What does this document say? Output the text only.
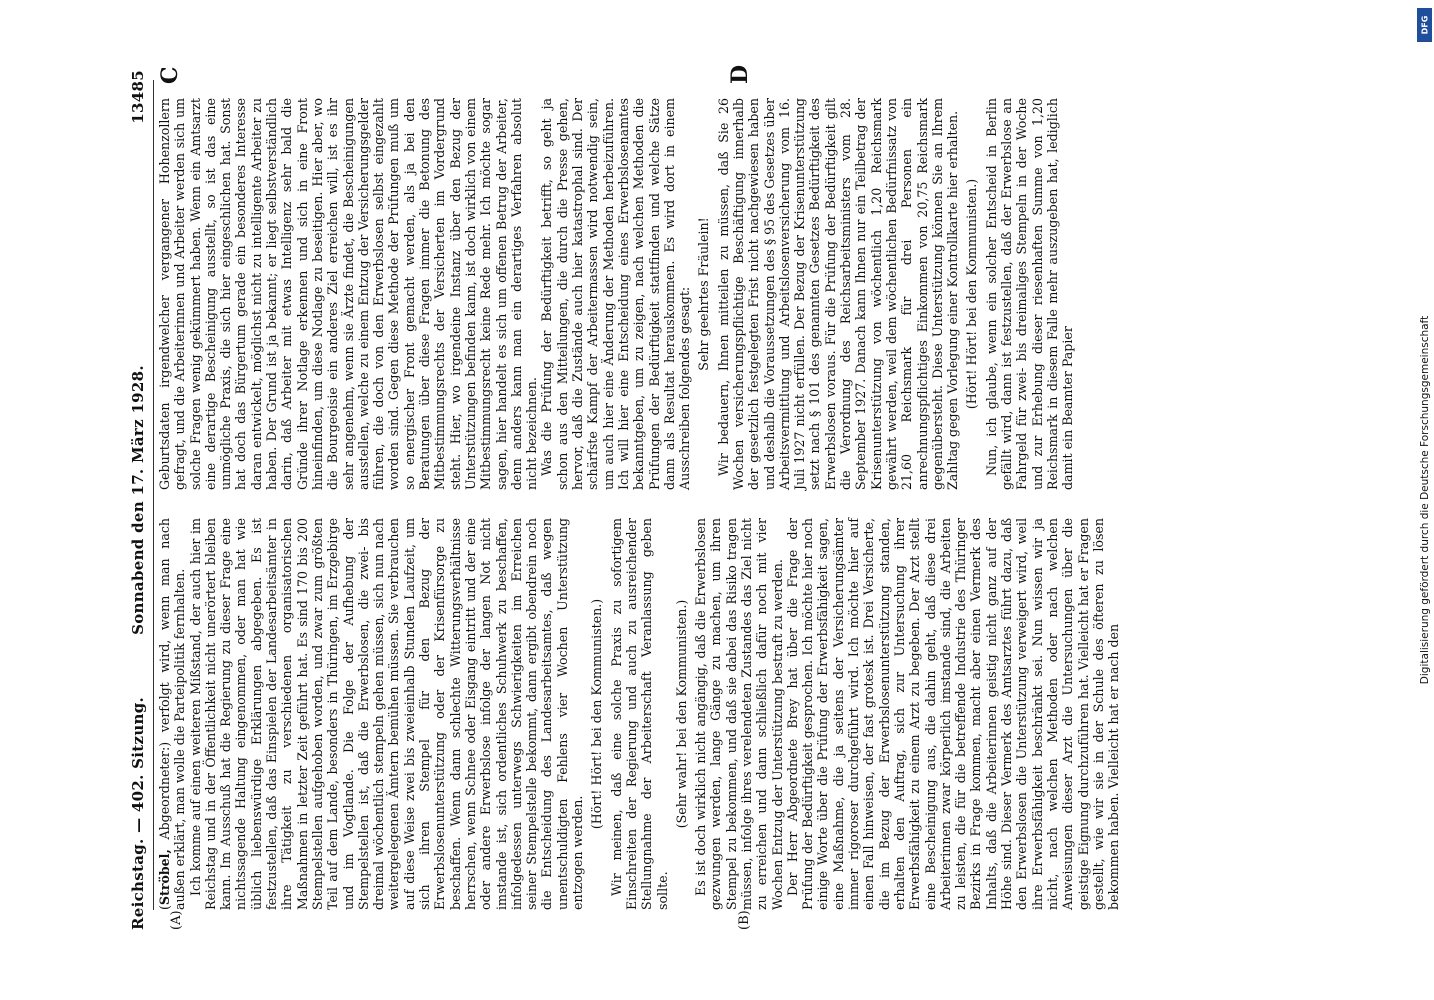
Reichstag. — 402. Sitzung.
Sonnabend den 17. März 1928.
13485
(A)	(B)
C	D

(Ströbel, Abgeordneter:) verfolgt wird, wenn man nach außen erklärt, man wolle die Parteipolitik fernhalten. Ich komme auf einen weiteren Mißstand, der auch hier im Reichstag und in der Öffentlichkeit nicht unerörtert bleiben kann. Im Ausschuß hat die Regierung zu dieser Frage eine nichtssagende Haltung eingenommen, oder man hat wie üblich liebenswürdige Erklärungen abgegeben. Es ist festzustellen, daß das Einspielen der Landesarbeitsämter in ihre Tätigkeit zu verschiedenen organisatorischen Maßnahmen in letzter Zeit geführt hat. Es sind 170 bis 200 Stempelstellen aufgehoben worden, und zwar zum größten Teil auf dem Lande, besonders in Thüringen, im Erzgebirge und im Vogtlande. Die Folge der Aufhebung der Stempelstellen ist, daß die Erwerbslosen, die zwei- bis dreimal wöchentlich stempeln gehen müssen, sich nun nach weitergelegenen Ämtern bemühen müssen. Sie verbrauchen auf diese Weise zwei bis zweieinhalb Stunden Laufzeit, um sich ihren Stempel für den Bezug der Erwerbslosenunterstützung oder der Krisenfürsorge zu beschaffen. Wenn dann schlechte Witterungsverhältnisse herrschen, wenn Schnee oder Eisgang eintritt und der eine oder andere Erwerbslose infolge der langen Not nicht imstande ist, sich ordentliches Schuhwerk zu beschaffen, infolgedessen unterwegs Schwierigkeiten im Erreichen seiner Stempelstelle bekommt, dann ergibt obendrein noch die Entscheidung des Landesarbeitsamtes, daß wegen unentschuldigten Fehlens vier Wochen Unterstützung entzogen werden.

(Hört! Hört! bei den Kommunisten.) Wir meinen, daß eine solche Praxis zu sofortigem Einschreiten der Regierung und auch zu ausreichender Stellungnahme der Arbeiterschaft Veranlassung geben sollte.

(Sehr wahr! bei den Kommunisten.) Es ist doch wirklich nicht angängig, daß die Erwerbslosen gezwungen werden, lange Gänge zu machen, um ihren Stempel zu bekommen, und daß sie dabei das Risiko tragen müssen, infolge ihres verelendeten Zustandes das Ziel nicht zu erreichen und dann schließlich dafür noch mit vier Wochen Entzug der Unterstützung bestraft zu werden. Der Herr Abgeordnete Brey hat über die Frage der Prüfung der Bedürftigkeit gesprochen. Ich möchte hier noch einige Worte über die Prüfung der Erwerbsfähigkeit sagen, eine Maßnahme, die ja seitens der Versicherungsämter immer rigoroser durchgeführt wird. Ich möchte hier auf einen Fall hinweisen, der fast grotesk ist. Drei Versicherte, die im Bezug der Erwerbslosenunterstützung standen, erhalten den Auftrag, sich zur Untersuchung ihrer Erwerbsfähigkeit zu einem Arzt zu begeben. Der Arzt stellt eine Bescheinigung aus, die dahin geht, daß diese drei Arbeiterinnen zwar körperlich imstande sind, die Arbeiten zu leisten, die für die betreffende Industrie des Thüringer Bezirks in Frage kommen, macht aber einen Vermerk des Inhalts, daß die Arbeiterinnen geistig nicht ganz auf der Höhe sind. Dieser Vermerk des Amtsarztes führt dazu, daß den Erwerbslosen die Unterstützung verweigert wird, weil ihre Erwerbsfähigkeit beschränkt sei. Nun wissen wir ja nicht, nach welchen Methoden oder nach welchen Anweisungen dieser Arzt die Untersuchungen über die geistige Eignung durchzuführen hat. Vielleicht hat er Fragen gestellt, wie wir sie in der Schule des öfteren zu lösen bekommen haben. Vielleicht hat er nach den

Geburtsdaten irgendwelcher vergangener Hohenzollern gefragt, und die Arbeiterinnen und Arbeiter werden sich um solche Fragen wenig gekümmert haben. Wenn ein Amtsarzt eine derartige Bescheinigung ausstellt, so ist das eine unmögliche Praxis, die sich hier eingeschlichen hat. Sonst hat doch das Bürgertum gerade ein besonderes Interesse daran entwickelt, möglichst nicht zu intelligente Arbeiter zu haben. Der Grund ist ja bekannt; er liegt selbstverständlich darin, daß Arbeiter mit etwas Intelligenz sehr bald die Gründe ihrer Notlage erkennen und sich in eine Front hineinfinden, um diese Notlage zu beseitigen. Hier aber, wo die Bourgeoisie ein anderes Ziel erreichen will, ist es ihr sehr angenehm, wenn sie Ärzte findet, die Bescheinigungen ausstellen, welche zu einem Entzug der Versicherungsgelder führen, die doch von den Erwerbslosen selbst eingezahlt worden sind. Gegen diese Methode der Prüfungen muß um so energischer Front gemacht werden, als ja bei den Beratungen über diese Fragen immer die Betonung des Mitbestimmungsrechts der Versicherten im Vordergrund steht. Hier, wo irgendeine Instanz über den Bezug der Unterstützungen befinden kann, ist doch wirklich von einem Mitbestimmungsrecht keine Rede mehr. Ich möchte sogar sagen, hier handelt es sich um offenen Betrug der Arbeiter, denn anders kann man ein derartiges Verfahren absolut nicht bezeichnen. Was die Prüfung der Bedürftigkeit betrifft, so geht ja schon aus den Mitteilungen, die durch die Presse gehen, hervor, daß die Zustände auch hier katastrophal sind. Der schärfste Kampf der Arbeitermassen wird notwendig sein, um auch hier eine Änderung der Methoden herbeizuführen. Ich will hier eine Entscheidung eines Erwerbslosenamtes bekanntgeben, um zu zeigen, nach welchen Methoden die Prüfungen der Bedürftigkeit stattfinden und welche Sätze dann als Resultat herauskommen. Es wird dort in einem Ausschreiben folgendes gesagt: Sehr geehrtes Fräulein! Wir bedauern, Ihnen mitteilen zu müssen, daß Sie 26 Wochen versicherungspflichtige Beschäftigung innerhalb der gesetzlich festgelegten Frist nicht nachgewiesen haben und deshalb die Voraussetzungen des § 95 des Gesetzes über Arbeitsvermittlung und Arbeitslosenversicherung vom 16. Juli 1927 nicht erfüllen. Der Bezug der Krisenunterstützung setzt nach § 101 des genannten Gesetzes Bedürftigkeit des Erwerbslosen voraus. Für die Prüfung der Bedürftigkeit gilt die Verordnung des Reichsarbeitsministers vom 28. September 1927. Danach kann Ihnen nur ein Teilbetrag der Krisenunterstützung von wöchentlich 1,20 Reichsmark gewährt werden, weil dem wöchentlichen Bedürfnissatz von 21,60 Reichsmark für drei Personen ein anrechnungspflichtiges Einkommen von 20,75 Reichsmark gegenübersteht. Diese Unterstützung können Sie an Ihrem Zahltag gegen Vorlegung einer Kontrollkarte hier erhalten. (Hört! Hört! bei den Kommunisten.) Nun, ich glaube, wenn ein solcher Entscheid in Berlin gefällt wird, dann ist festzustellen, daß der Erwerbslose an Fahrgeld für zwei- bis dreimaliges Stempeln in der Woche und zur Erhebung dieser riesenhaften Summe von 1,20 Reichsmark in diesem Falle mehr auszugeben hat, lediglich damit ein Beamter Papier

DFG
Digitalisierung gefördert durch die Deutsche Forschungsgemeinschaft
